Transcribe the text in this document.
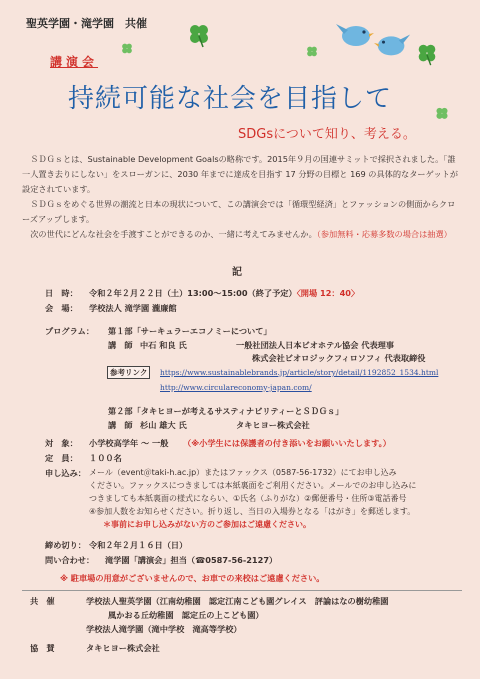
聖英学園・滝学園　共催
講演会
持続可能な社会を目指して
SDGsについて知り、考える。

ＳＤＧｓとは、Sustainable Development Goalsの略称です。2015年９月の国連サミットで採択されました。「誰一人置き去りにしない」をスローガンに、2030 年までに達成を目指す 17 分野の目標と 169 の具体的なターゲットが設定されています。

ＳＤＧｓをめぐる世界の潮流と日本の現状について、この講演会では「循環型経済」とファッションの側面からクローズアップします。

次の世代にどんな社会を手渡すことができるのか、一緒に考えてみませんか。（参加無料・応募多数の場合は抽選）

記
日　時： 令和２年２月２２日（土）13:00～15:00（終了予定）〈開場 12：40〉
会　場： 学校法人 滝学園 瀧廉館
プログラム： 第１部「サーキュラーエコノミーについて」
講　師 中石 和良 氏	一般社団法人日本ビオホテル協会 代表理事
株式会社ビオロジックフィロソフィ 代表取締役
参考リンク	https://www.sustainablebrands.jp/article/story/detail/1192852_1534.html
http://www.circulareconomy-japan.com/
第２部「タキヒヨーが考えるサスティナビリティーとＳＤＧｓ」
講　師 杉山 雄大 氏	タキヒヨー株式会社
対　象： 小学校高学年 ～ 一般 （※小学生には保護者の付き添いをお願いいたします。）
定　員： １００名
申し込み： メール（event＠taki-h.ac.jp）またはファックス（0587-56-1732）にてお申し込み
ください。ファックスにつきましては本紙裏面をご利用ください。メールでのお申し込みに
つきましても本紙裏面の様式にならい、①氏名（ふりがな）②郵便番号・住所③電話番号
④参加人数をお知らせください。折り返し、当日の入場券となる「はがき」を郵送します。
＊事前にお申し込みがない方のご参加はご遠慮ください。
締め切り： 令和２年２月１６日（日）
問い合わせ： 滝学園「講演会」担当（☎0587-56-2127）
※ 駐車場の用意がございませんので、お車での来校はご遠慮ください。
共　催	学校法人聖英学園（江南幼稚園　認定江南こども園グレイス　評論はなの樹幼稚園
風かおる丘幼稚園　認定丘の上こども園）
学校法人滝学園（滝中学校　滝高等学校）
協　賛	タキヒヨー株式会社
